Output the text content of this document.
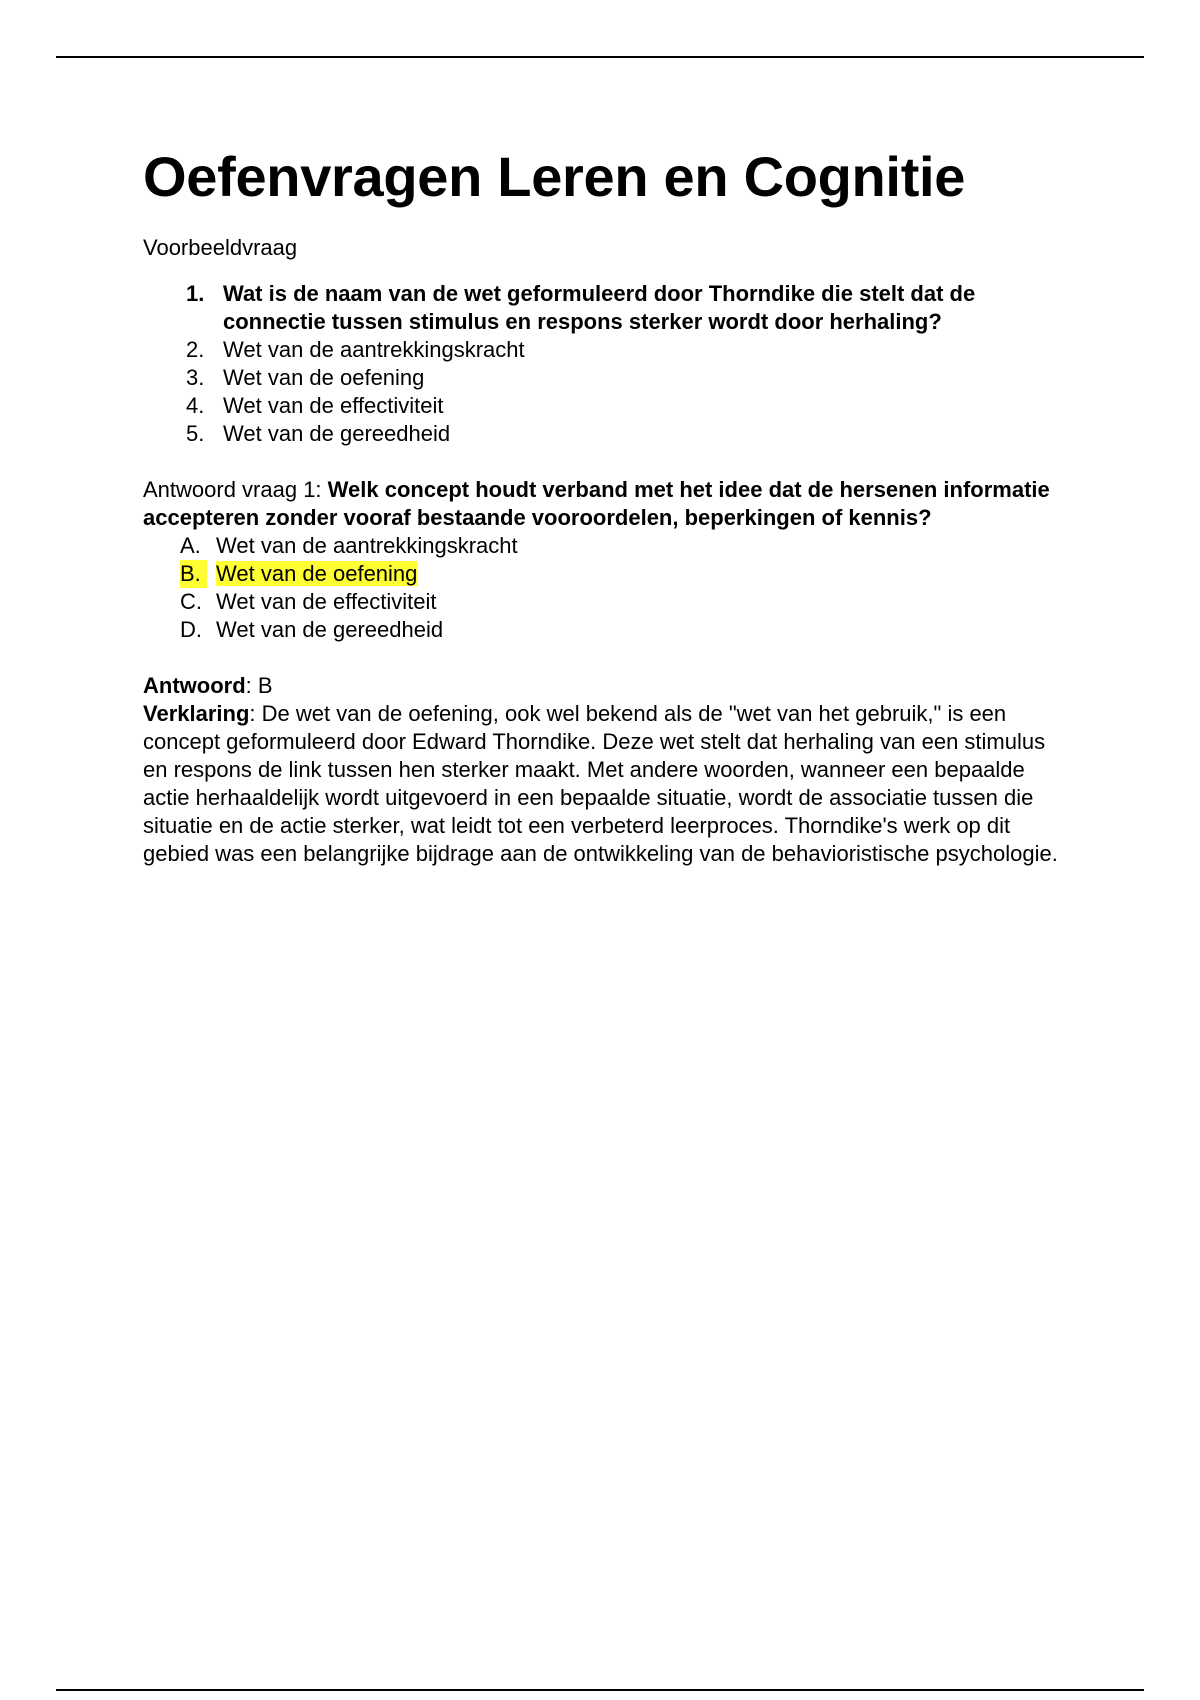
Oefenvragen Leren en Cognitie

Voorbeeldvraag

1. Wat is de naam van de wet geformuleerd door Thorndike die stelt dat de connectie tussen stimulus en respons sterker wordt door herhaling?
2. Wet van de aantrekkingskracht
3. Wet van de oefening
4. Wet van de effectiviteit
5. Wet van de gereedheid
Antwoord vraag 1: Welk concept houdt verband met het idee dat de hersenen informatie accepteren zonder vooraf bestaande vooroordelen, beperkingen of kennis?
A. Wet van de aantrekkingskracht
B. Wet van de oefening
C. Wet van de effectiviteit
D. Wet van de gereedheid

Antwoord: B

Verklaring: De wet van de oefening, ook wel bekend als de "wet van het gebruik," is een concept geformuleerd door Edward Thorndike. Deze wet stelt dat herhaling van een stimulus en respons de link tussen hen sterker maakt. Met andere woorden, wanneer een bepaalde actie herhaaldelijk wordt uitgevoerd in een bepaalde situatie, wordt de associatie tussen die situatie en de actie sterker, wat leidt tot een verbeterd leerproces. Thorndike's werk op dit gebied was een belangrijke bijdrage aan de ontwikkeling van de behavioristische psychologie.
